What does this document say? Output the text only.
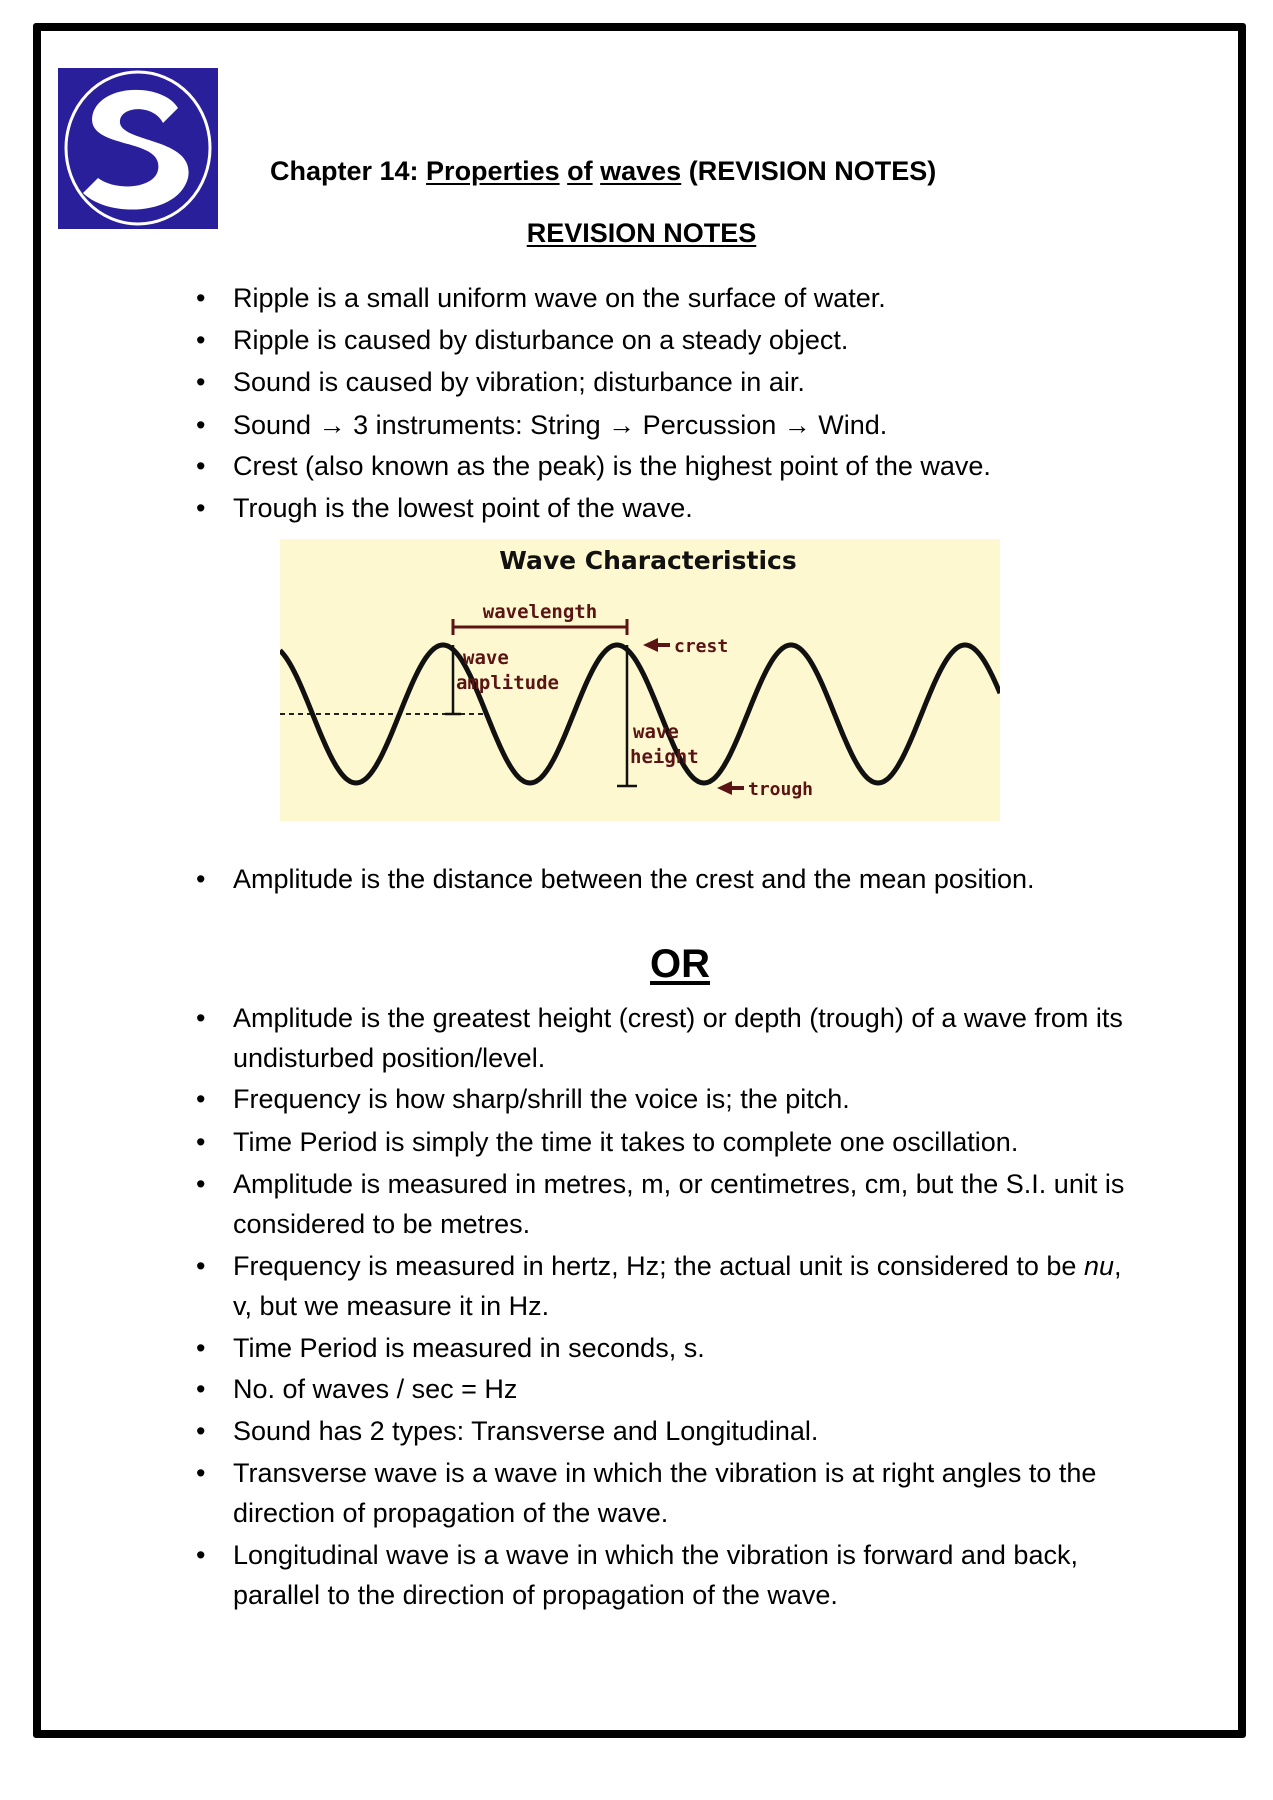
Chapter 14: Properties of waves (REVISION NOTES)
REVISION NOTES
• Ripple is a small uniform wave on the surface of water.
• Ripple is caused by disturbance on a steady object.
• Sound is caused by vibration; disturbance in air.
• Sound → 3 instruments: String → Percussion → Wind.
• Crest (also known as the peak) is the highest point of the wave.
• Trough is the lowest point of the wave.
Wave Characteristics
wavelength
wave
amplitude
wave
height
crest
trough
• Amplitude is the distance between the crest and the mean position.
OR
• Amplitude is the greatest height (crest) or depth (trough) of a wave from its undisturbed position/level.
• Frequency is how sharp/shrill the voice is; the pitch.
• Time Period is simply the time it takes to complete one oscillation.
• Amplitude is measured in metres, m, or centimetres, cm, but the S.I. unit is considered to be metres.
• Frequency is measured in hertz, Hz; the actual unit is considered to be nu, v, but we measure it in Hz.
• Time Period is measured in seconds, s.
• No. of waves / sec = Hz
• Sound has 2 types: Transverse and Longitudinal.
• Transverse wave is a wave in which the vibration is at right angles to the direction of propagation of the wave.
• Longitudinal wave is a wave in which the vibration is forward and back, parallel to the direction of propagation of the wave.
